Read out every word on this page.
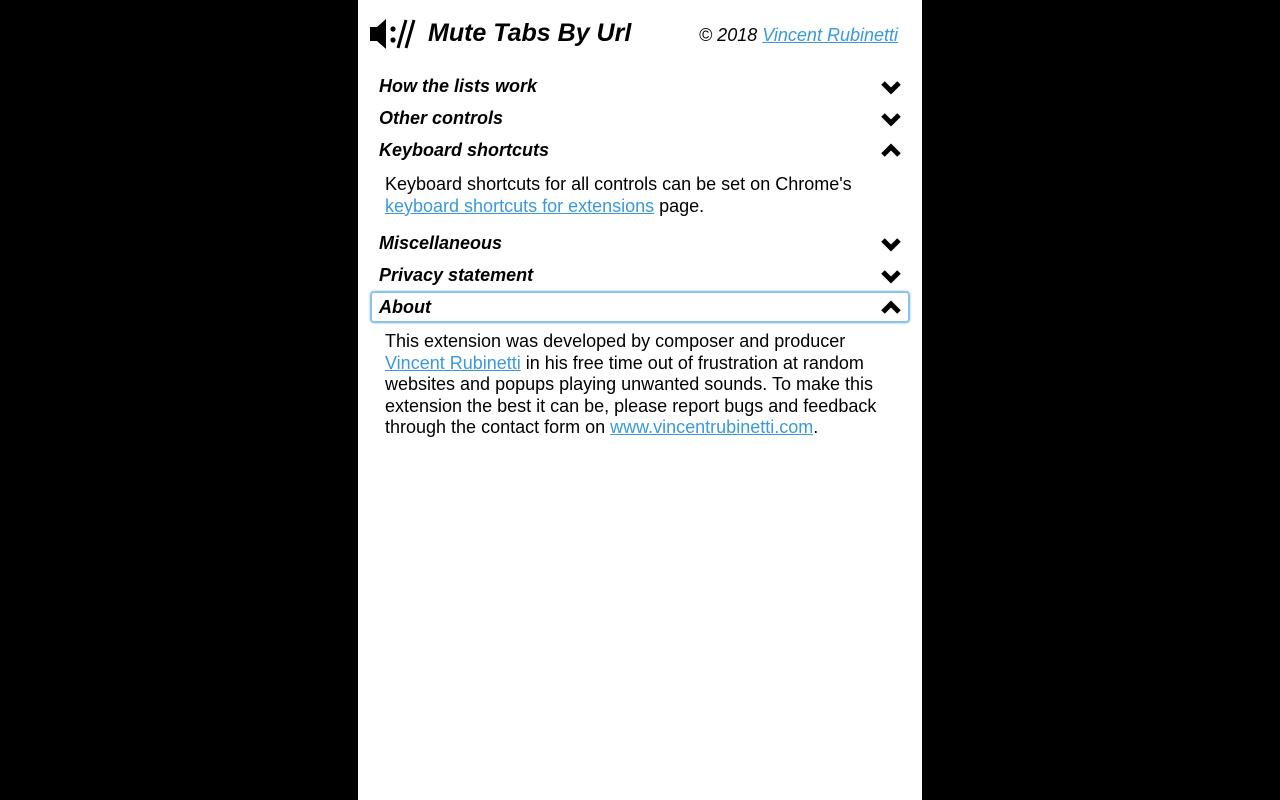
Mute Tabs By Url	© 2018 Vincent Rubinetti
How the lists work
Other controls
Keyboard shortcuts
Keyboard shortcuts for all controls can be set on Chrome's keyboard shortcuts for extensions page.
Miscellaneous
Privacy statement
About
This extension was developed by composer and producer Vincent Rubinetti in his free time out of frustration at random websites and popups playing unwanted sounds. To make this extension the best it can be, please report bugs and feedback through the contact form on www.vincentrubinetti.com.
